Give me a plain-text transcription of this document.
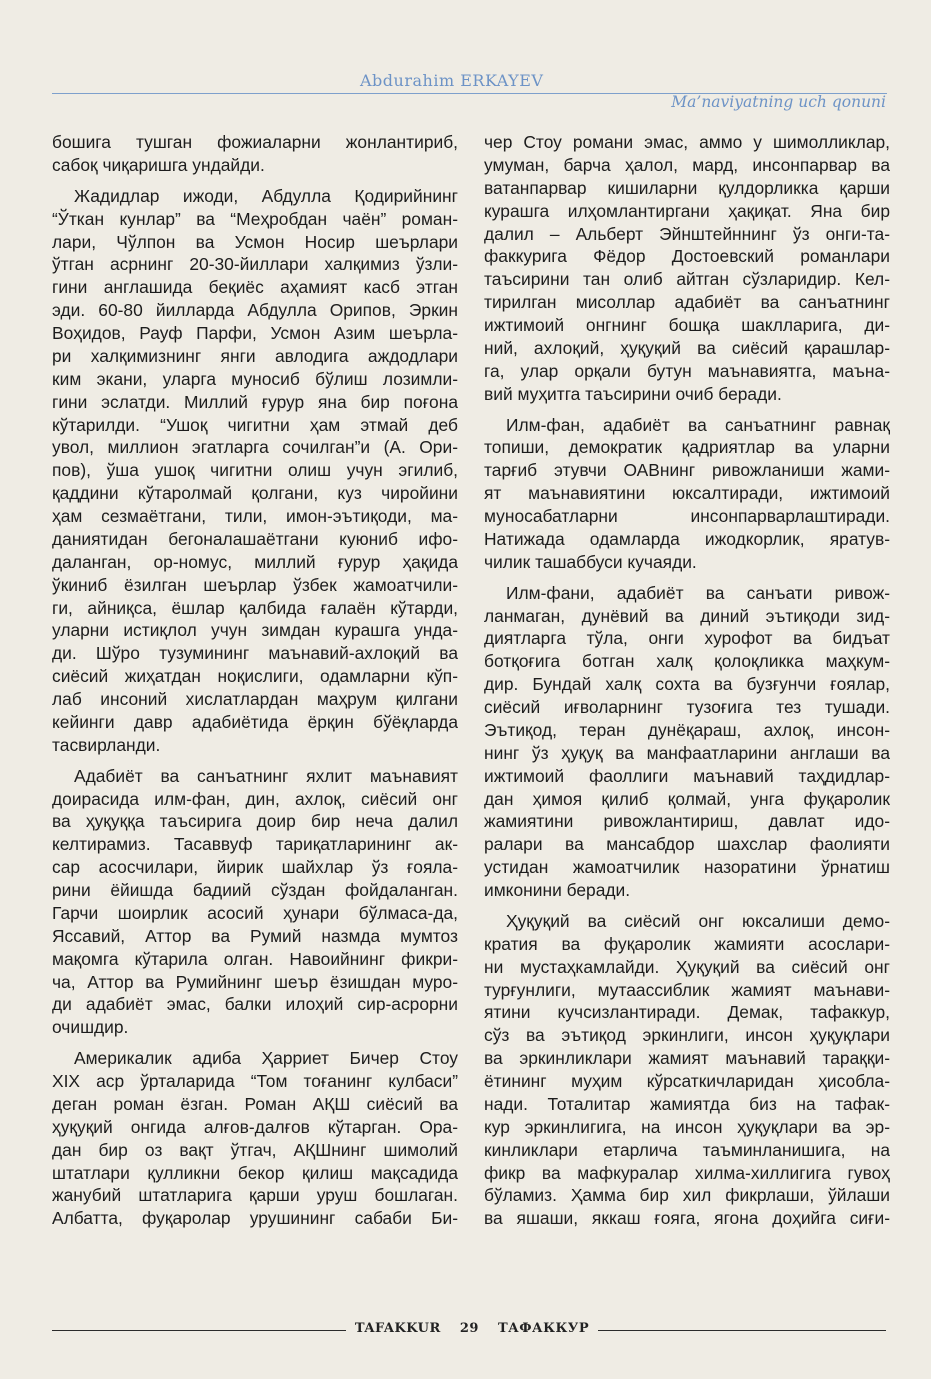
Abdurahim ERKAYEV
Ma’naviyatning uch qonuni
бошига тушган фожиаларни жонлантириб,
сабоқ чиқаришга ундайди.
Жадидлар ижоди, Абдулла Қодирийнинг
“Ўткан кунлар” ва “Меҳробдан чаён” роман-
лари, Чўлпон ва Усмон Носир шеърлари
ўтган асрнинг 20-30-йиллари халқимиз ўзли-
гини англашида беқиёс аҳамият касб этган
эди. 60-80 йилларда Абдулла Орипов, Эркин
Воҳидов, Рауф Парфи, Усмон Азим шеърла-
ри халқимизнинг янги авлодига аждодлари
ким экани, уларга муносиб бўлиш лозимли-
гини эслатди. Миллий ғурур яна бир поғона
кўтарилди. “Ушоқ чигитни ҳам этмай деб
увол, миллион эгатларга сочилган”и (А. Ори-
пов), ўша ушоқ чигитни олиш учун эгилиб,
қаддини кўтаролмай қолгани, куз чиройини
ҳам сезмаётгани, тили, имон-эътиқоди, ма-
даниятидан бегоналашаётгани куюниб ифо-
даланган, ор-номус, миллий ғурур ҳақида
ўкиниб ёзилган шеърлар ўзбек жамоатчили-
ги, айниқса, ёшлар қалбида ғалаён кўтарди,
уларни истиқлол учун зимдан курашга унда-
ди. Шўро тузумининг маънавий-ахлоқий ва
сиёсий жиҳатдан ноқислиги, одамларни кўп-
лаб инсоний хислатлардан маҳрум қилгани
кейинги давр адабиётида ёрқин бўёқларда
тасвирланди.
Адабиёт ва санъатнинг яхлит маънавият
доирасида илм-фан, дин, ахлоқ, сиёсий онг
ва ҳуқуққа таъсирига доир бир неча далил
келтирамиз. Тасаввуф тариқатларининг ак-
сар асосчилари, йирик шайхлар ўз ғояла-
рини ёйишда бадиий сўздан фойдаланган.
Гарчи шоирлик асосий ҳунари бўлмаса-да,
Яссавий, Аттор ва Румий назмда мумтоз
мақомга кўтарила олган. Навоийнинг фикри-
ча, Аттор ва Румийнинг шеър ёзишдан муро-
ди адабиёт эмас, балки илоҳий сир-асрорни
очишдир.
Америкалик адиба Ҳарриет Бичер Стоу
XIX аср ўрталарида “Том тоғанинг кулбаси”
деган роман ёзган. Роман АҚШ сиёсий ва
ҳуқуқий онгида алғов-далғов кўтарган. Ора-
дан бир оз вақт ўтгач, АҚШнинг шимолий
штатлари қулликни бекор қилиш мақсадида
жанубий штатларига қарши уруш бошлаган.
Албатта, фуқаролар урушининг сабаби Би-
чер Стоу романи эмас, аммо у шимолликлар,
умуман, барча ҳалол, мард, инсонпарвар ва
ватанпарвар кишиларни қулдорликка қарши
курашга илҳомлантиргани ҳақиқат. Яна бир
далил – Альберт Эйнштейннинг ўз онги-та-
факкурига Фёдор Достоевский романлари
таъсирини тан олиб айтган сўзларидир. Кел-
тирилган мисоллар адабиёт ва санъатнинг
ижтимоий онгнинг бошқа шаклларига, ди-
ний, ахлоқий, ҳуқуқий ва сиёсий қарашлар-
га, улар орқали бутун маънавиятга, маъна-
вий муҳитга таъсирини очиб беради.
Илм-фан, адабиёт ва санъатнинг равнақ
топиши, демократик қадриятлар ва уларни
тарғиб этувчи ОАВнинг ривожланиши жами-
ят маънавиятини юксалтиради, ижтимоий
муносабатларни инсонпарварлаштиради.
Натижада одамларда ижодкорлик, яратув-
чилик ташаббуси кучаяди.
Илм-фани, адабиёт ва санъати ривож-
ланмаган, дунёвий ва диний эътиқоди зид-
диятларга тўла, онги хурофот ва бидъат
ботқоғига ботган халқ қолоқликка маҳкум-
дир. Бундай халқ сохта ва бузғунчи ғоялар,
сиёсий иғволарнинг тузоғига тез тушади.
Эътиқод, теран дунёқараш, ахлоқ, инсон-
нинг ўз ҳуқуқ ва манфаатларини англаши ва
ижтимоий фаоллиги маънавий таҳдидлар-
дан ҳимоя қилиб қолмай, унга фуқаролик
жамиятини ривожлантириш, давлат идо-
ралари ва мансабдор шахслар фаолияти
устидан жамоатчилик назоратини ўрнатиш
имконини беради.
Ҳуқуқий ва сиёсий онг юксалиши демо-
кратия ва фуқаролик жамияти асослари-
ни мустаҳкамлайди. Ҳуқуқий ва сиёсий онг
турғунлиги, мутаассиблик жамият маънави-
ятини кучсизлантиради. Демак, тафаккур,
сўз ва эътиқод эркинлиги, инсон ҳуқуқлари
ва эркинликлари жамият маънавий тараққи-
ётининг муҳим кўрсаткичларидан ҳисобла-
нади. Тоталитар жамиятда биз на тафак-
кур эркинлигига, на инсон ҳуқуқлари ва эр-
кинликлари етарлича таъминланишига, на
фикр ва мафкуралар хилма-хиллигига гувоҳ
бўламиз. Ҳамма бир хил фикрлаши, ўйлаши
ва яшаши, яккаш ғояга, ягона доҳийга сиғи-
TAFAKKUR 29 ТАФАККУР
